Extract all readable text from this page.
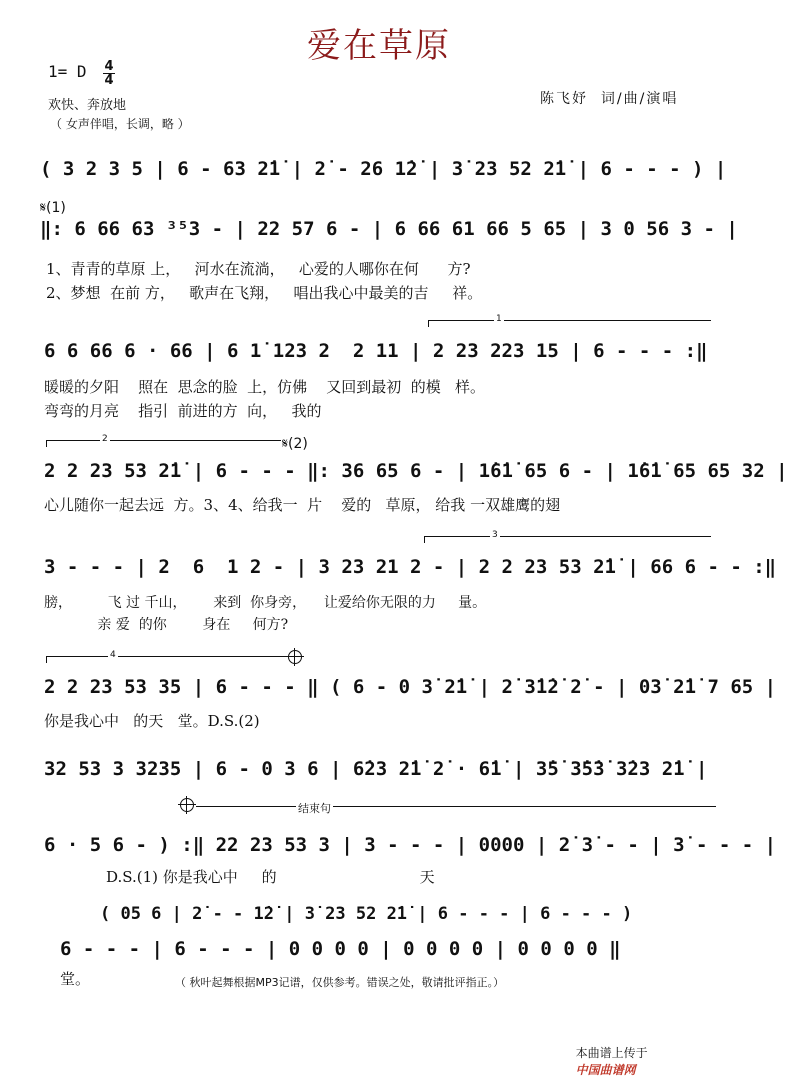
爱在草原
1= D 4
4
欢快、奔放地
（ 女声伴唱，长调，略 ）
陈飞妤  词/曲/演唱
( 3 2 3 5 | 6 - 63 2̇1̇ | 2̇ - 26 1̇2̇ | 3̇ 23 52 2̇1̇ | 6 - - - ) |
𝄋(1)
‖: 6 66 63 ³⁵3 - | 22 57 6 - | 6 66 61 66 5 65 | 3 0 56 3 - |
1、青青的草原 上，   河水在流淌，   心爱的人哪你在何      方?
2、梦想  在前 方，   歌声在飞翔，   唱出我心中最美的吉     祥。
1
6 6 66 6 · 66 | 6 1̇ 123 2  2 11 | 2 23 223 15 | 6 - - - :‖
暖暖的夕阳    照在  思念的脸  上，仿佛    又回到最初  的模   样。
弯弯的月亮    指引  前进的方  向，   我的
2	𝄋(2)
2 2 23 53 2̇1̇ | 6 - - - ‖: 36 65 6 - | 1̇6̇1̇ 65 6 - | 1̇6̇1̇ 65 65 32 |
心儿随你一起去远  方。3、4、给我一  片    爱的   草原， 给我 一双雄鹰的翅
3
3 - - - | 2  6  1 2 - | 3 23 21 2 - | 2 2 23 53 2̇1̇ | 66 6 - - :‖
膀，        飞 过 千山，      来到  你身旁，    让爱给你无限的力     量。
亲 爱  的你        身在     何方?
4
2 2 23 53 35 | 6 - - - ‖ ( 6 - 0 3̇ 2̇1̇ | 2̇ 3̇1̇2̇ 2̇ - | 03̇ 2̇1̇ 7 65 |
你是我心中   的天   堂。D.S.(2)
32 53 3 3235 | 6 - 0 3 6 | 6̇23 2̇1̇ 2̇ · 6̇1̇ | 3̇5̇ 3̇5̇3̇ 3̇23 2̇1̇ |
结束句
6 · 5 6 - ) :‖ 22 23 53 3 | 3 - - - | 0000 | 2̇ 3̇ - - | 3̇ - - - |
D.S.(1) 你是我心中     的                              天
( 05 6 | 2̇ - - 1̇2̇ | 3̇ 23 52 2̇1̇ | 6 - - - | 6 - - - )
6 - - - | 6 - - - | 0 0 0 0 | 0 0 0 0 | 0 0 0 0 ‖
堂。	（ 秋叶起舞根据MP3记谱，仅供参考。错误之处，敬请批评指正。）

本曲谱上传于
中国曲谱网
